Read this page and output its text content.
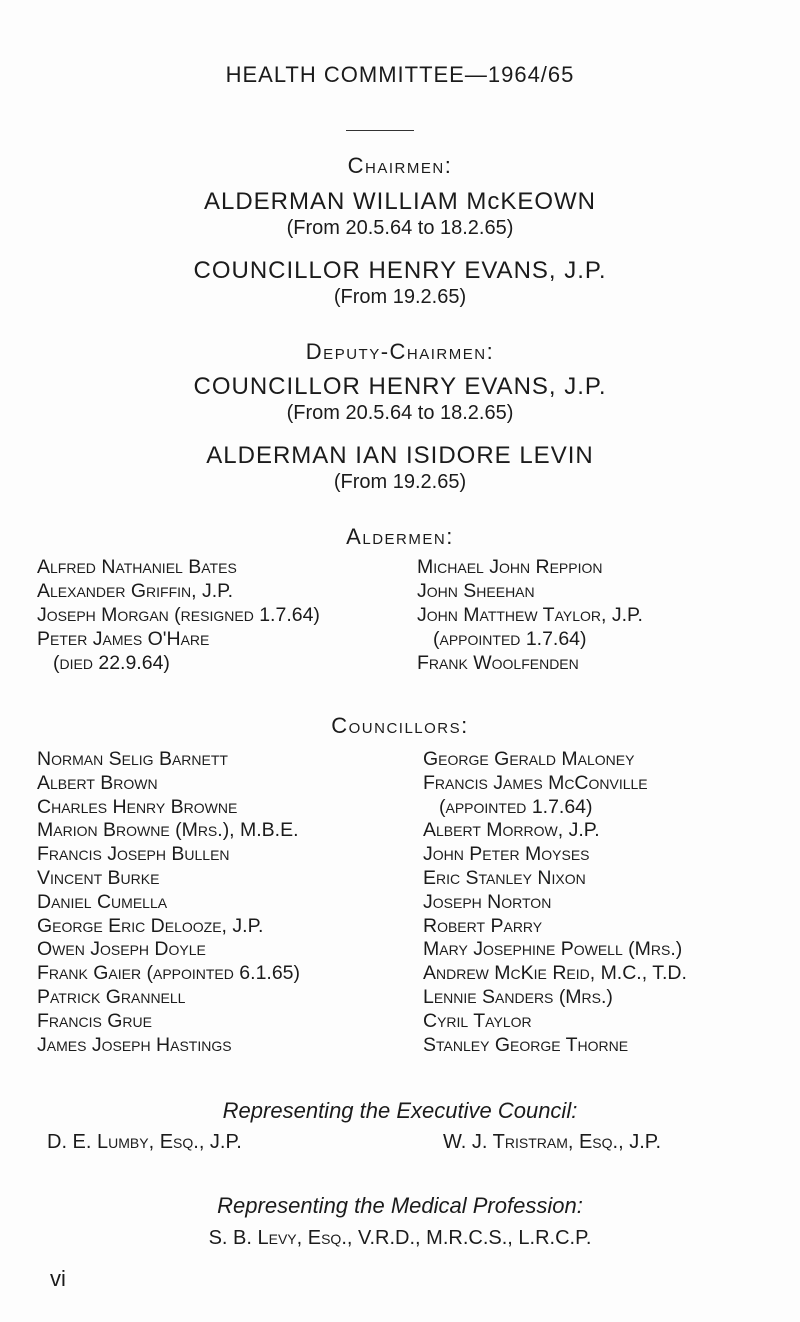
HEALTH COMMITTEE—1964/65
Chairmen:
ALDERMAN WILLIAM McKEOWN
(From 20.5.64 to 18.2.65)
COUNCILLOR HENRY EVANS, J.P.
(From 19.2.65)
Deputy-Chairmen:
COUNCILLOR HENRY EVANS, J.P.
(From 20.5.64 to 18.2.65)
ALDERMAN IAN ISIDORE LEVIN
(From 19.2.65)
Aldermen:
Alfred Nathaniel Bates
Alexander Griffin, J.P.
Joseph Morgan (resigned 1.7.64)
Peter James O'Hare
(died 22.9.64)
Michael John Reppion
John Sheehan
John Matthew Taylor, J.P.
(appointed 1.7.64)
Frank Woolfenden
Councillors:
Norman Selig Barnett
Albert Brown
Charles Henry Browne
Marion Browne (Mrs.), M.B.E.
Francis Joseph Bullen
Vincent Burke
Daniel Cumella
George Eric Delooze, J.P.
Owen Joseph Doyle
Frank Gaier (appointed 6.1.65)
Patrick Grannell
Francis Grue
James Joseph Hastings
George Gerald Maloney
Francis James McConville
(appointed 1.7.64)
Albert Morrow, J.P.
John Peter Moyses
Eric Stanley Nixon
Joseph Norton
Robert Parry
Mary Josephine Powell (Mrs.)
Andrew McKie Reid, M.C., T.D.
Lennie Sanders (Mrs.)
Cyril Taylor
Stanley George Thorne
Representing the Executive Council:
D. E. Lumby, Esq., J.P.	W. J. Tristram, Esq., J.P.
Representing the Medical Profession:
S. B. Levy, Esq., V.R.D., M.R.C.S., L.R.C.P.
vi
